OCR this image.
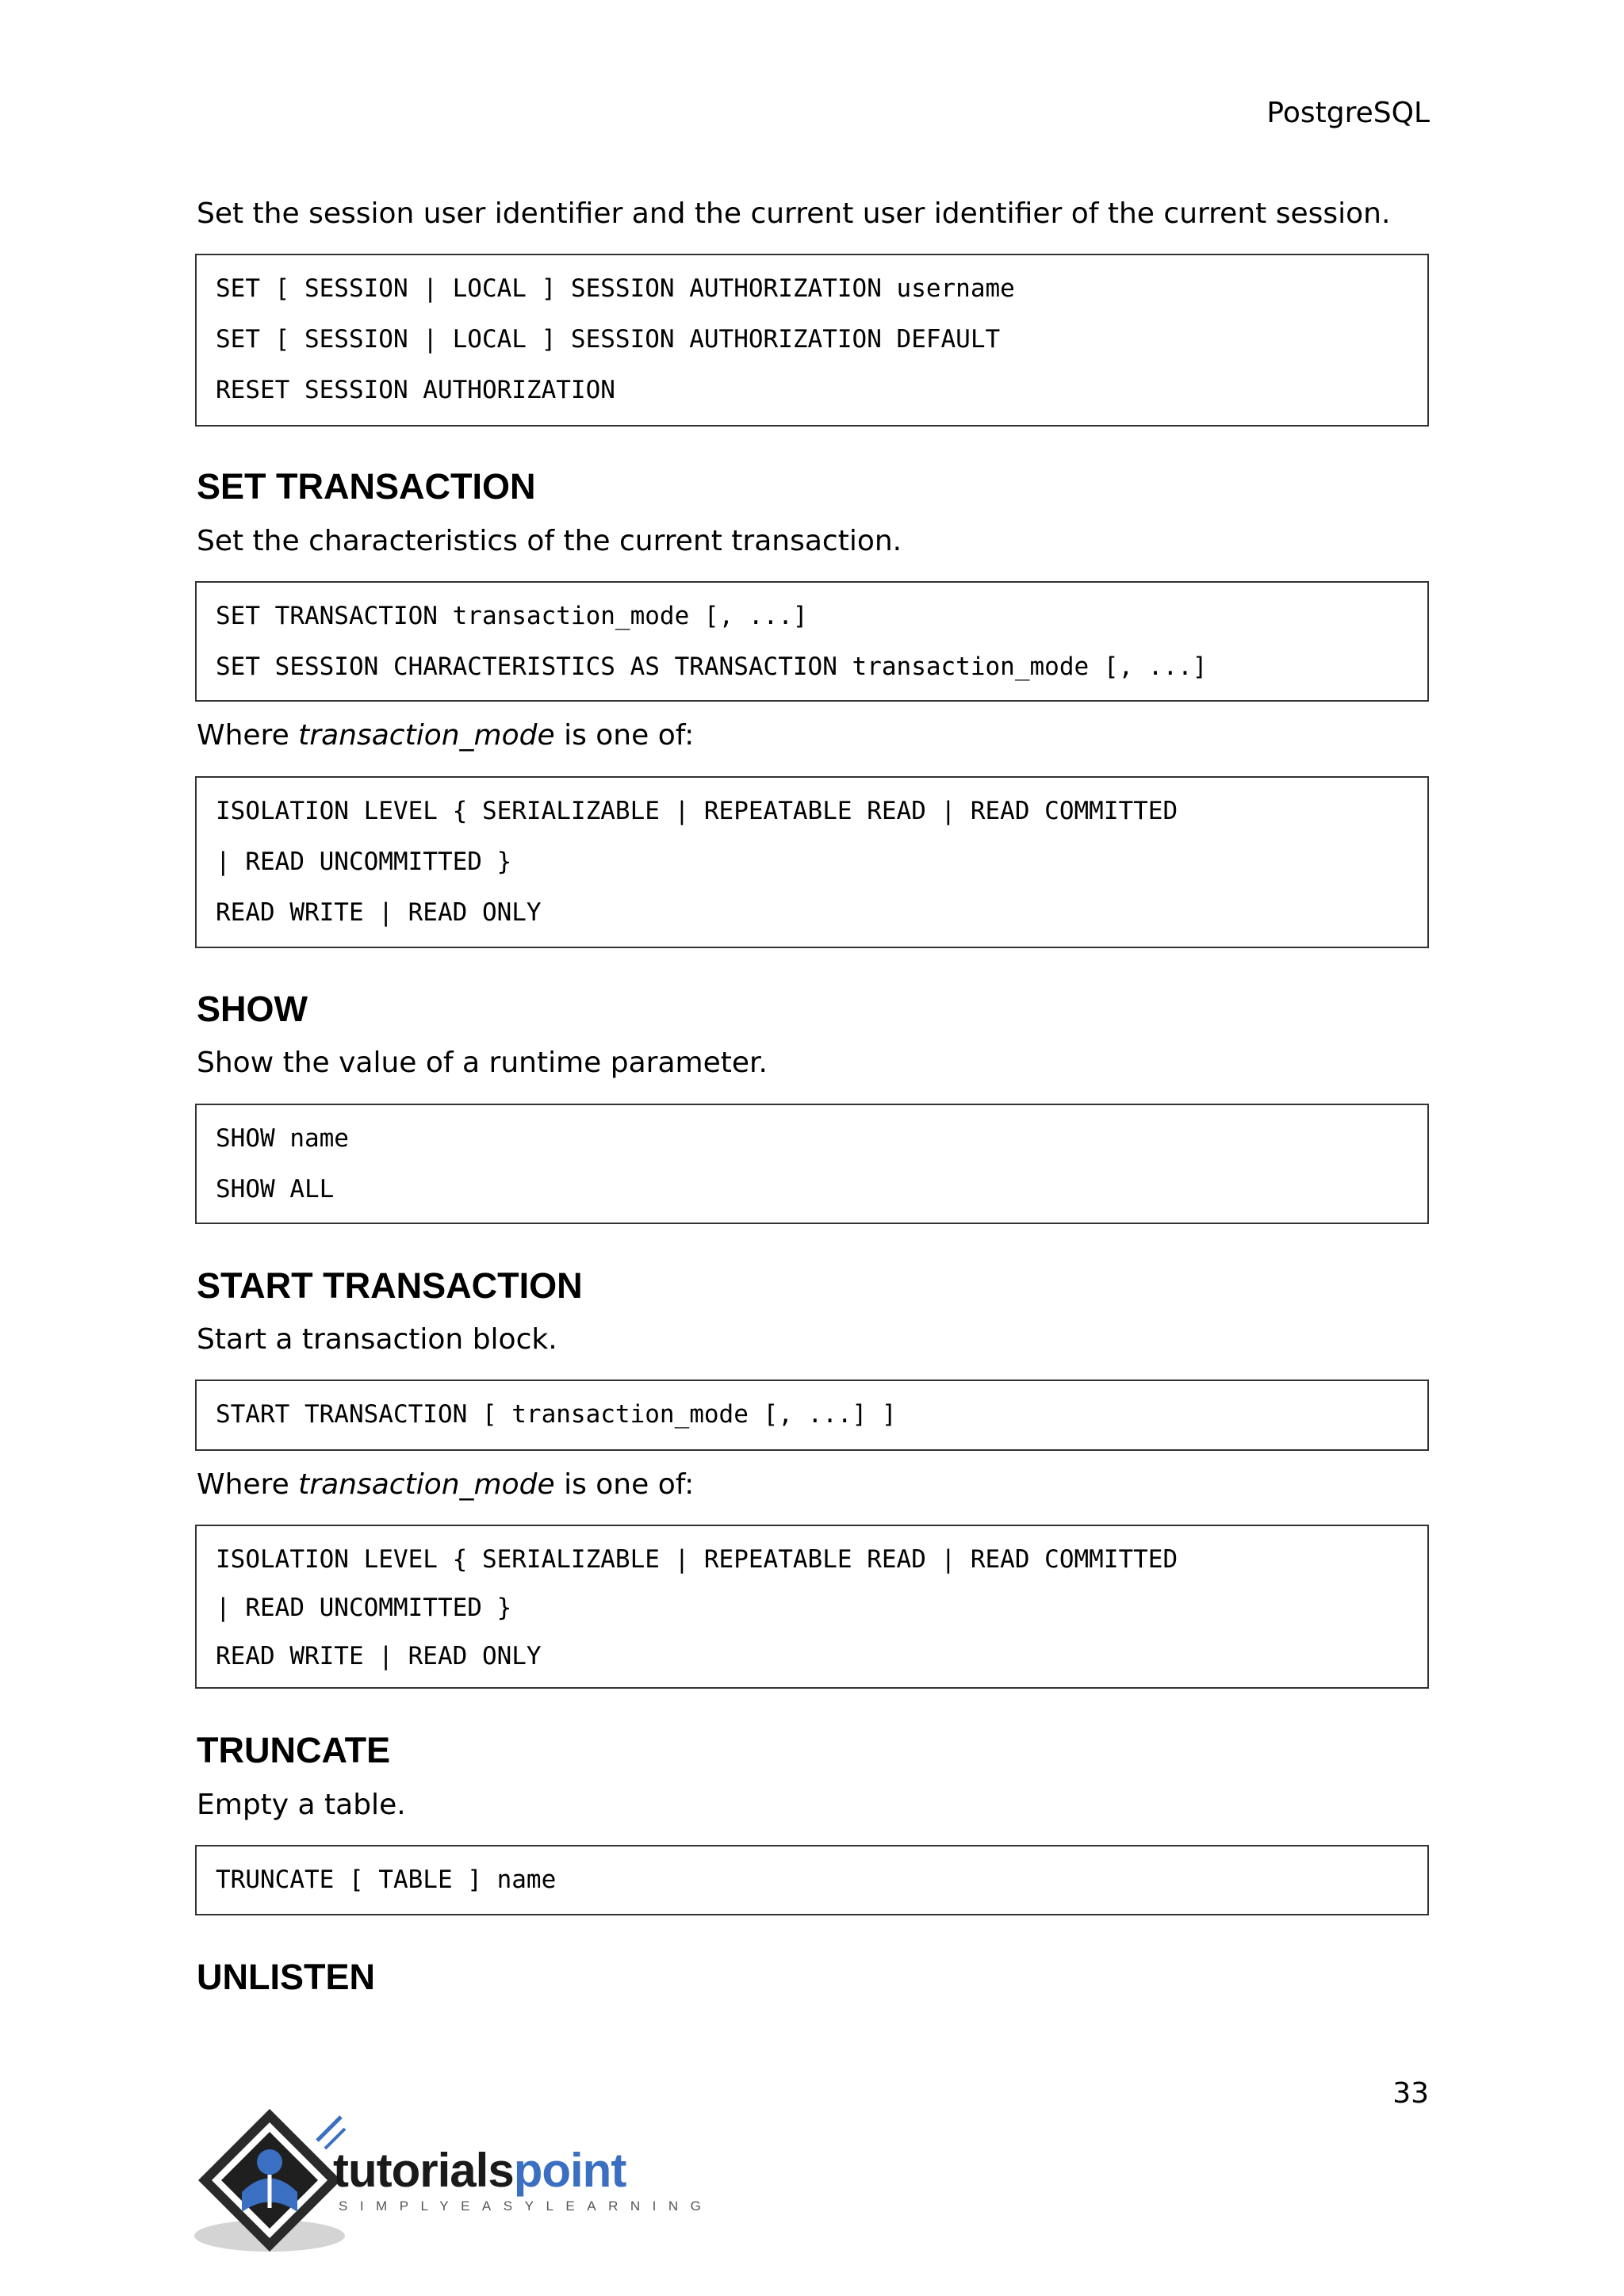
PostgreSQL
Set the session user identifier and the current user identifier of the current session.
SET [ SESSION | LOCAL ] SESSION AUTHORIZATION username
SET [ SESSION | LOCAL ] SESSION AUTHORIZATION DEFAULT
RESET SESSION AUTHORIZATION
SET TRANSACTION
Set the characteristics of the current transaction.
SET TRANSACTION transaction_mode [, ...]
SET SESSION CHARACTERISTICS AS TRANSACTION transaction_mode [, ...]
Where transaction_mode is one of:
ISOLATION LEVEL { SERIALIZABLE | REPEATABLE READ | READ COMMITTED
| READ UNCOMMITTED }
READ WRITE | READ ONLY
SHOW
Show the value of a runtime parameter.
SHOW name
SHOW ALL
START TRANSACTION
Start a transaction block.
START TRANSACTION [ transaction_mode [, ...] ]
Where transaction_mode is one of:
ISOLATION LEVEL { SERIALIZABLE | REPEATABLE READ | READ COMMITTED
| READ UNCOMMITTED }
READ WRITE | READ ONLY
TRUNCATE
Empty a table.
TRUNCATE [ TABLE ] name
UNLISTEN
33
tutorialspoint
SIMPLYEASYLEARNING
